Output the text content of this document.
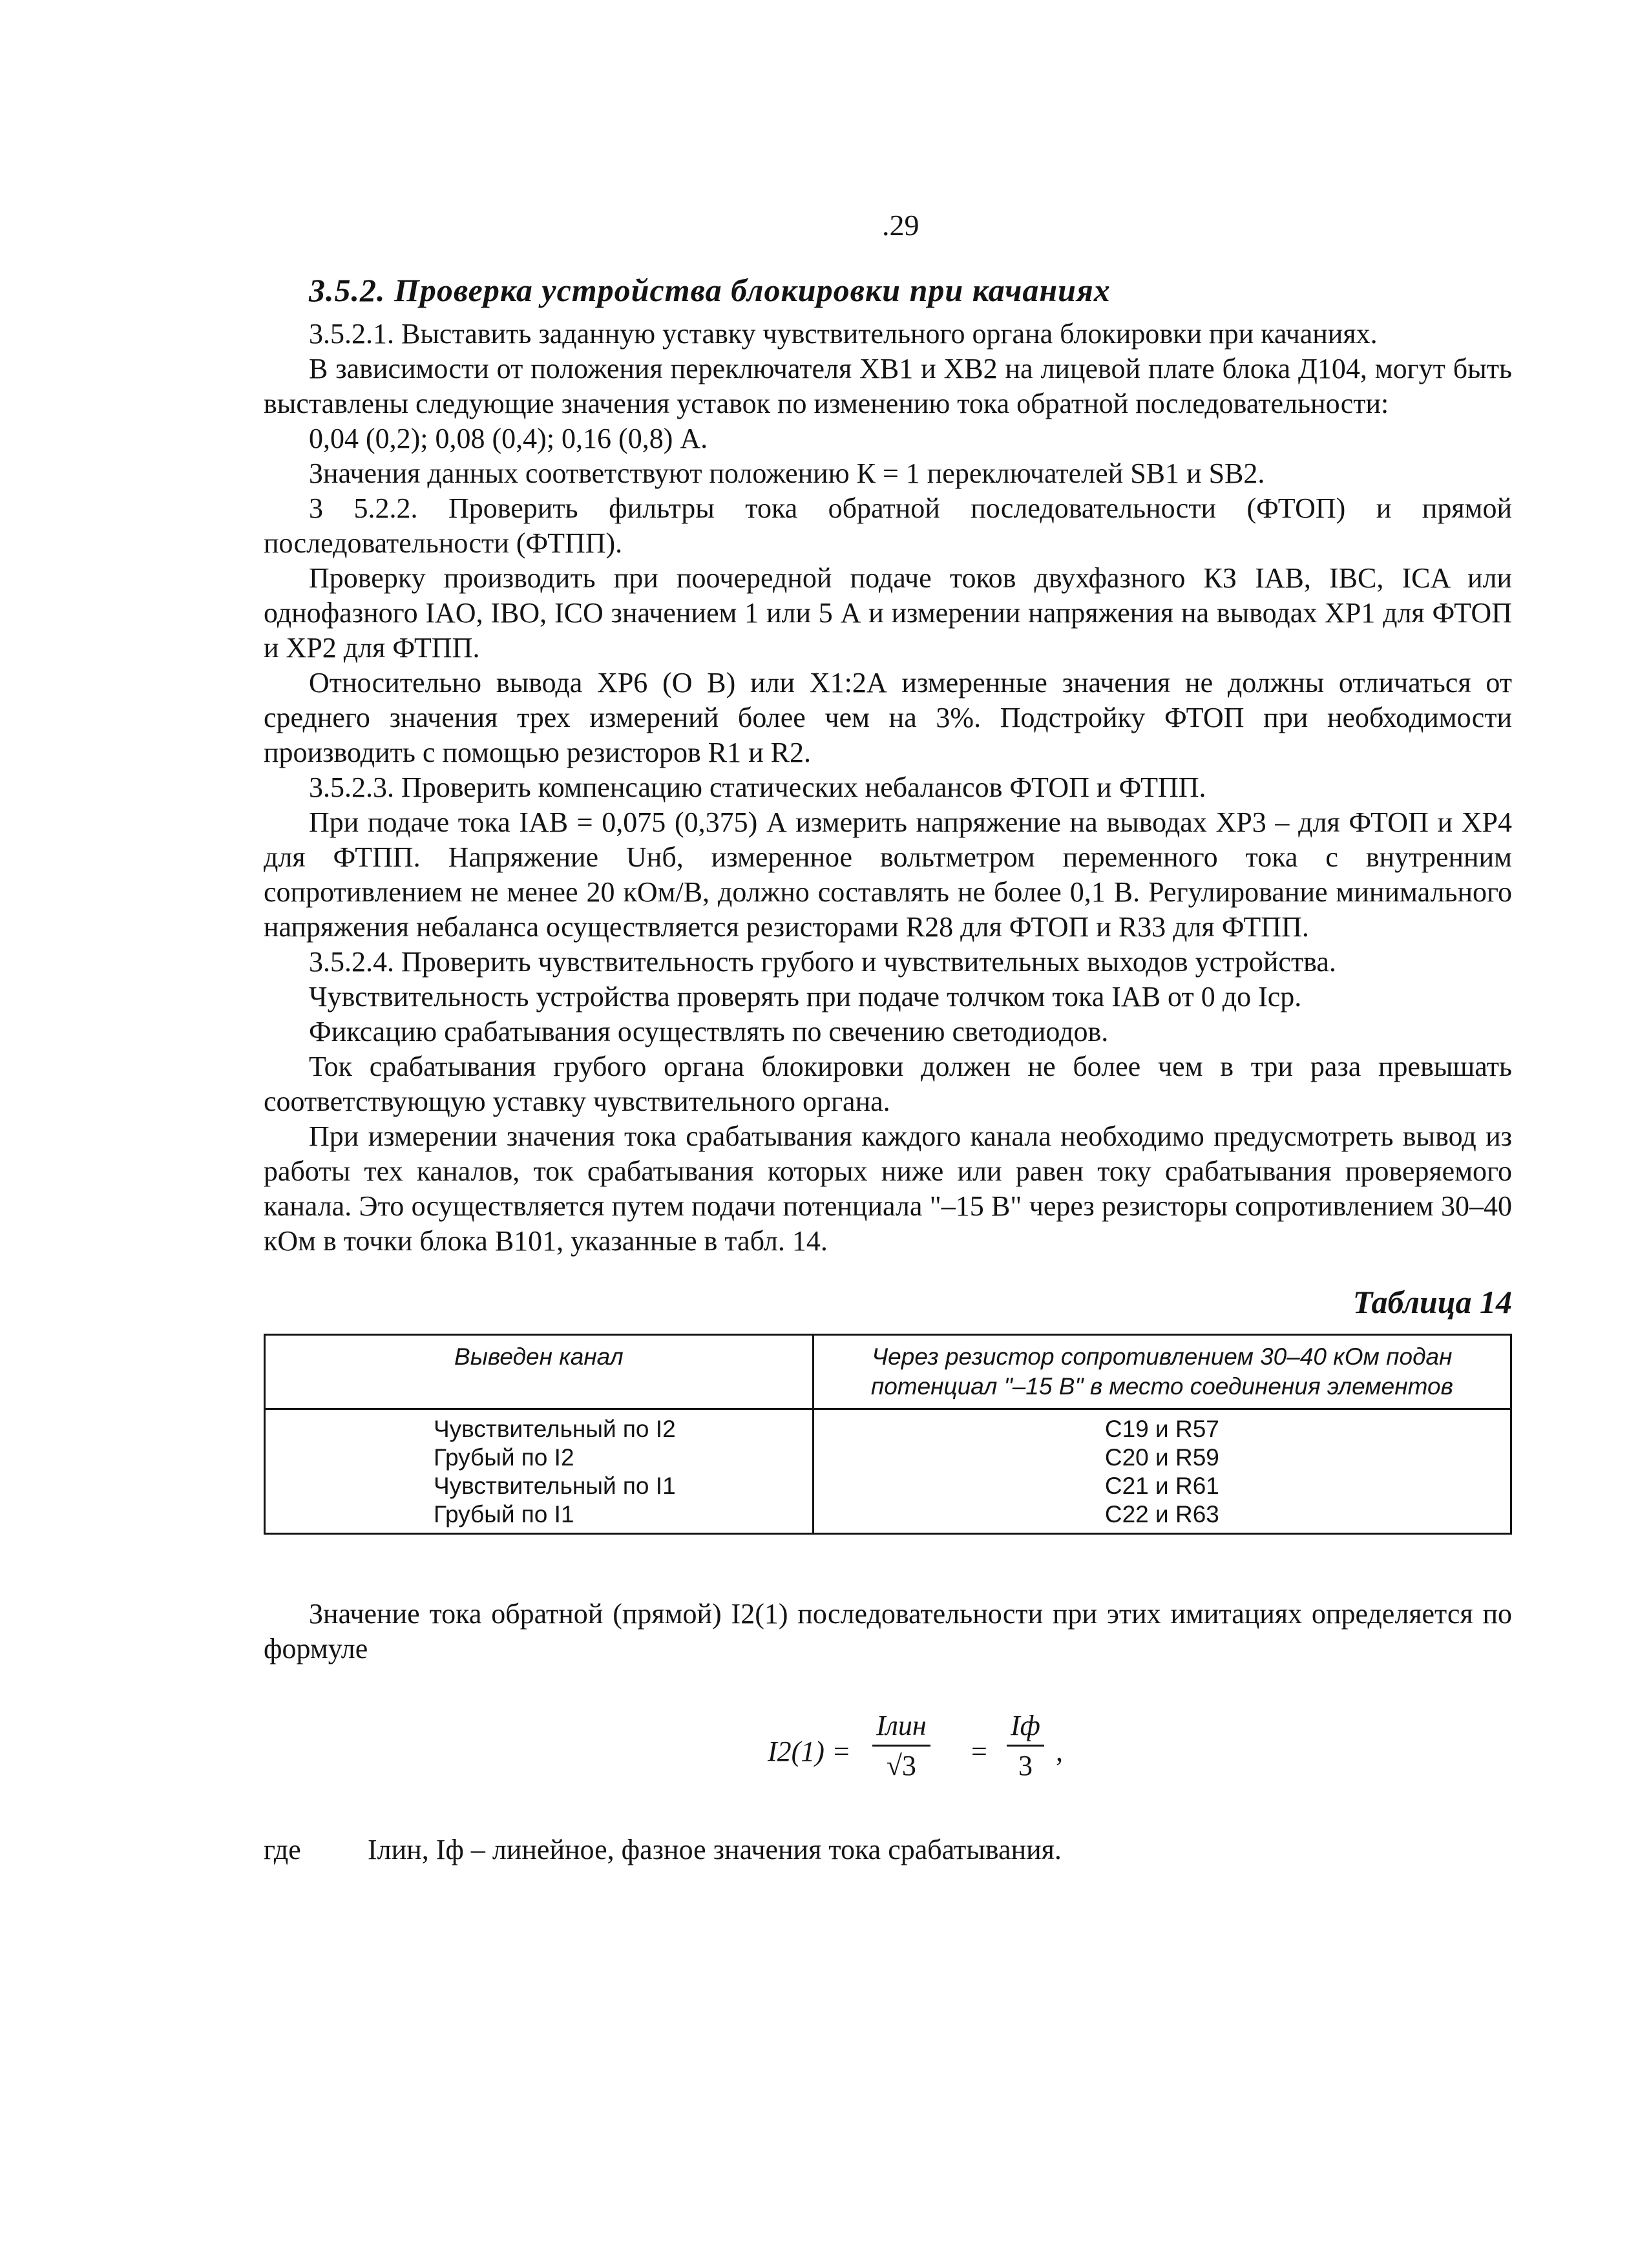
.29
3.5.2. Проверка устройства блокировки при качаниях

3.5.2.1. Выставить заданную уставку чувствительного органа блокировки при качаниях.

В зависимости от положения переключателя ХВ1 и ХВ2 на лицевой плате блока Д104, могут быть выставлены следующие значения уставок по изменению тока обратной последовательности:

0,04 (0,2); 0,08 (0,4); 0,16 (0,8) А.

Значения данных соответствуют положению К = 1 переключателей SB1 и SB2.

3 5.2.2. Проверить фильтры тока обратной последовательности (ФТОП) и прямой последовательности (ФТПП).

Проверку производить при поочередной подаче токов двухфазного КЗ IAB, IBC, ICA или однофазного IAO, IBO, ICO значением 1 или 5 А и измерении напряжения на выводах ХР1 для ФТОП и ХР2 для ФТПП.

Относительно вывода ХР6 (О В) или Х1:2А измеренные значения не должны отличаться от среднего значения трех измерений более чем на 3%. Подстройку ФТОП при необходимости производить с помощью резисторов R1 и R2.

3.5.2.3. Проверить компенсацию статических небалансов ФТОП и ФТПП.

При подаче тока IAB = 0,075 (0,375) А измерить напряжение на выводах ХР3 – для ФТОП и ХР4 для ФТПП. Напряжение Uнб, измеренное вольтметром переменного тока с внутренним сопротивлением не менее 20 кОм/В, должно составлять не более 0,1 В. Регулирование минимального напряжения небаланса осуществляется резисторами R28 для ФТОП и R33 для ФТПП.

3.5.2.4. Проверить чувствительность грубого и чувствительных выходов устройства.

Чувствительность устройства проверять при подаче толчком тока IAB от 0 до Iср.

Фиксацию срабатывания осуществлять по свечению светодиодов.

Ток срабатывания грубого органа блокировки должен не более чем в три раза превышать соответствующую уставку чувствительного органа.

При измерении значения тока срабатывания каждого канала необходимо предусмотреть вывод из работы тех каналов, ток срабатывания которых ниже или равен току срабатывания проверяемого канала. Это осуществляется путем подачи потенциала "–15 В" через резисторы сопротивлением 30–40 кОм в точки блока В101, указанные в табл. 14.

Таблица 14
Выведен канал	Через резистор сопротивлением 30–40 кОм подан потенциал "–15 В" в место соединения элементов
Чувствительный по I2	С19 и R57
Грубый по I2	С20 и R59
Чувствительный по I1	С21 и R61
Грубый по I1	С22 и R63

Значение тока обратной (прямой) I2(1) последовательности при этих имитациях определяется по формуле

I2(1) =
Iлин
√3	=
Iф
3 ,
где Iлин, Iф – линейное, фазное значения тока срабатывания.
